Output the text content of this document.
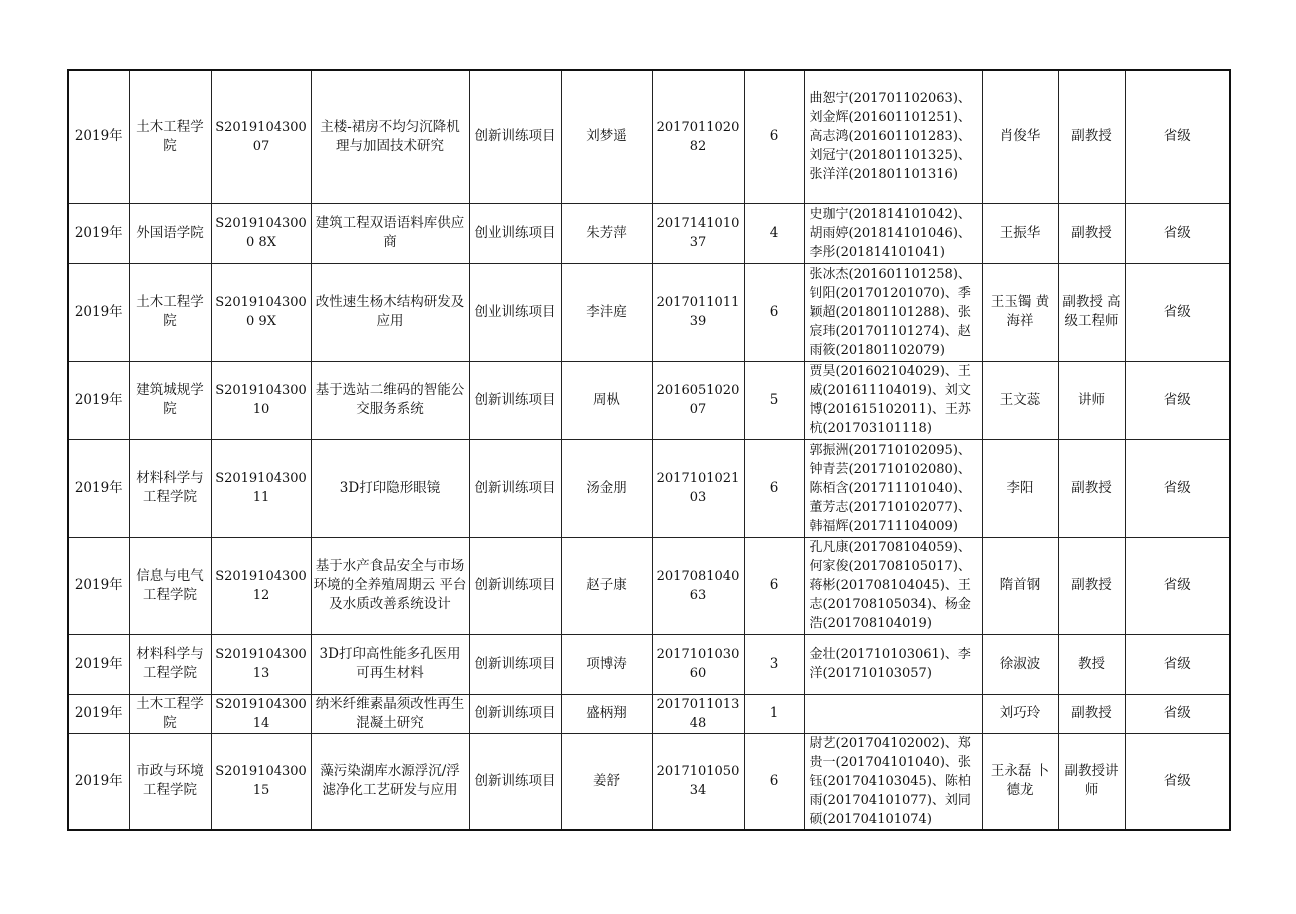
2019年	土木工程学院	S201910430007	主楼-裙房不均匀沉降机理与加固技术研究	创新训练项目	刘梦遥	201701102082	6	曲恕宁(201701102063)、
刘金辉(201601101251)、
高志鸿(201601101283)、
刘冠宁(201801101325)、
张洋洋(201801101316)	肖俊华	副教授	省级
2019年	外国语学院	S20191043000 8X	建筑工程双语语料库供应商	创业训练项目	朱芳萍	201714101037	4	史珈宁(201814101042)、
胡雨婷(201814101046)、
李彤(201814101041)	王振华	副教授	省级
2019年	土木工程学院	S20191043000 9X	改性速生杨木结构研发及应用	创业训练项目	李沣庭	201701101139	6	张冰杰(201601101258)、
钊阳(201701201070)、季
颖超(201801101288)、张
宸玮(201701101274)、赵
雨筱(201801102079)	王玉镯 黄海祥	副教授 高级工程师	省级
2019年	建筑城规学院	S201910430010	基于选站二维码的智能公交服务系统	创新训练项目	周枞	201605102007	5	贾昊(201602104029)、王
威(201611104019)、刘文
博(201615102011)、王苏
杭(201703101118)	王文蕊	讲师	省级
2019年	材料科学与工程学院	S201910430011	3D打印隐形眼镜	创新训练项目	汤金朋	201710102103	6	郭振洲(201710102095)、
钟青芸(201710102080)、
陈栢含(201711101040)、
董芳志(201710102077)、
韩福辉(201711104009)	李阳	副教授	省级
2019年	信息与电气工程学院	S201910430012	基于水产食品安全与市场环境的全养殖周期云 平台及水质改善系统设计	创新训练项目	赵子康	201708104063	6	孔凡康(201708104059)、
何家俊(201708105017)、
蒋彬(201708104045)、王
志(201708105034)、杨金
浩(201708104019)	隋首钢	副教授	省级
2019年	材料科学与工程学院	S201910430013	3D打印高性能多孔医用可再生材料	创新训练项目	项博涛	201710103060	3	金壮(201710103061)、李
洋(201710103057)	徐淑波	教授	省级
2019年	土木工程学院	S201910430014	纳米纤维素晶须改性再生混凝土研究	创新训练项目	盛柄翔	201701101348	1		刘巧玲	副教授	省级
2019年	市政与环境工程学院	S201910430015	藻污染湖库水源浮沉/浮滤净化工艺研发与应用	创新训练项目	姜舒	201710105034	6	尉艺(201704102002)、郑
贵一(201704101040)、张
钰(201704103045)、陈柏
雨(201704101077)、刘同
硕(201704101074)	王永磊 卜德龙	副教授讲师	省级
